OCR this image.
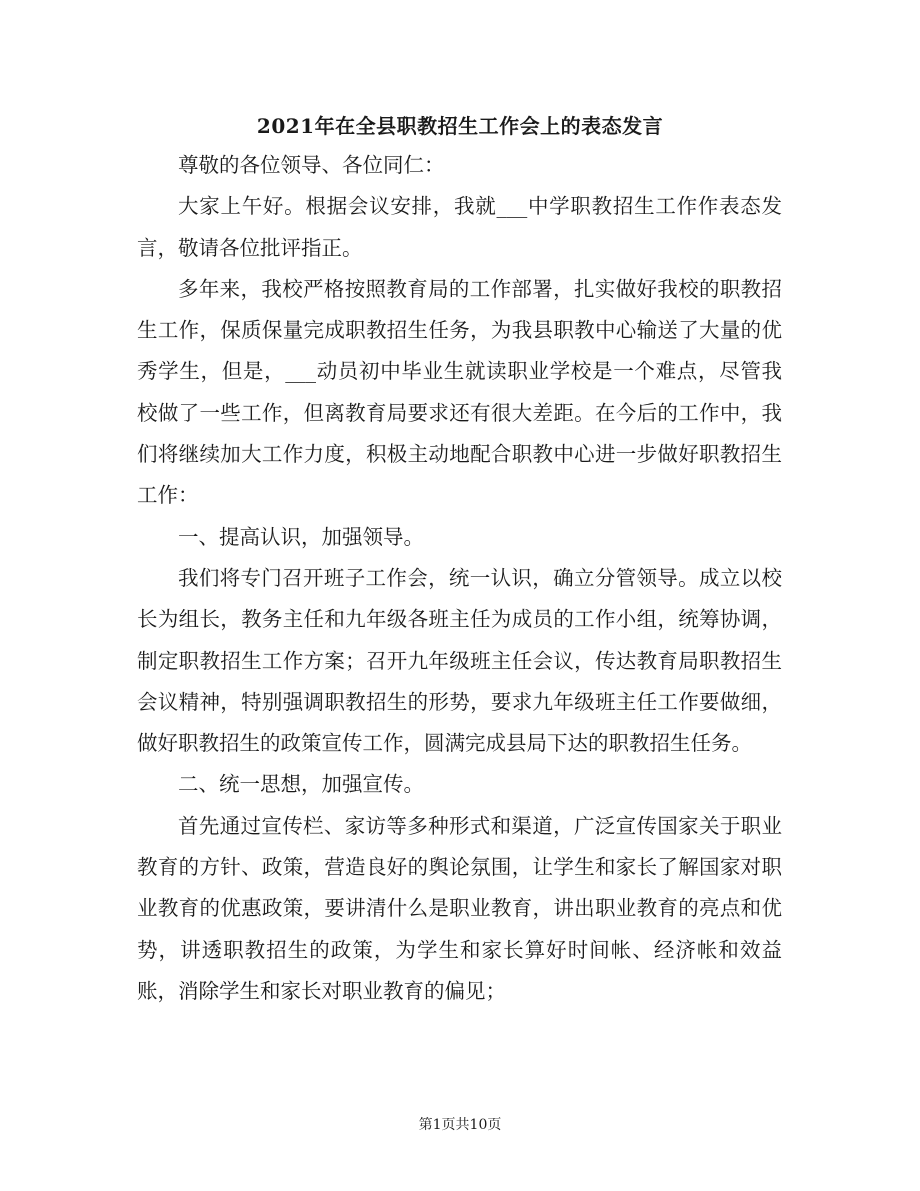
2021年在全县职教招生工作会上的表态发言

尊敬的各位领导、各位同仁：

大家上午好。根据会议安排，我就___中学职教招生工作作表态发言，敬请各位批评指正。

多年来，我校严格按照教育局的工作部署，扎实做好我校的职教招生工作，保质保量完成职教招生任务，为我县职教中心输送了大量的优秀学生，但是，___动员初中毕业生就读职业学校是一个难点，尽管我校做了一些工作，但离教育局要求还有很大差距。在今后的工作中，我们将继续加大工作力度，积极主动地配合职教中心进一步做好职教招生工作：

一、提高认识，加强领导。

我们将专门召开班子工作会，统一认识，确立分管领导。成立以校长为组长，教务主任和九年级各班主任为成员的工作小组，统筹协调，制定职教招生工作方案；召开九年级班主任会议，传达教育局职教招生会议精神，特别强调职教招生的形势，要求九年级班主任工作要做细，做好职教招生的政策宣传工作，圆满完成县局下达的职教招生任务。

二、统一思想，加强宣传。

首先通过宣传栏、家访等多种形式和渠道，广泛宣传国家关于职业教育的方针、政策，营造良好的舆论氛围，让学生和家长了解国家对职业教育的优惠政策，要讲清什么是职业教育，讲出职业教育的亮点和优势，讲透职教招生的政策，为学生和家长算好时间帐、经济帐和效益账，消除学生和家长对职业教育的偏见；

第1页共10页
